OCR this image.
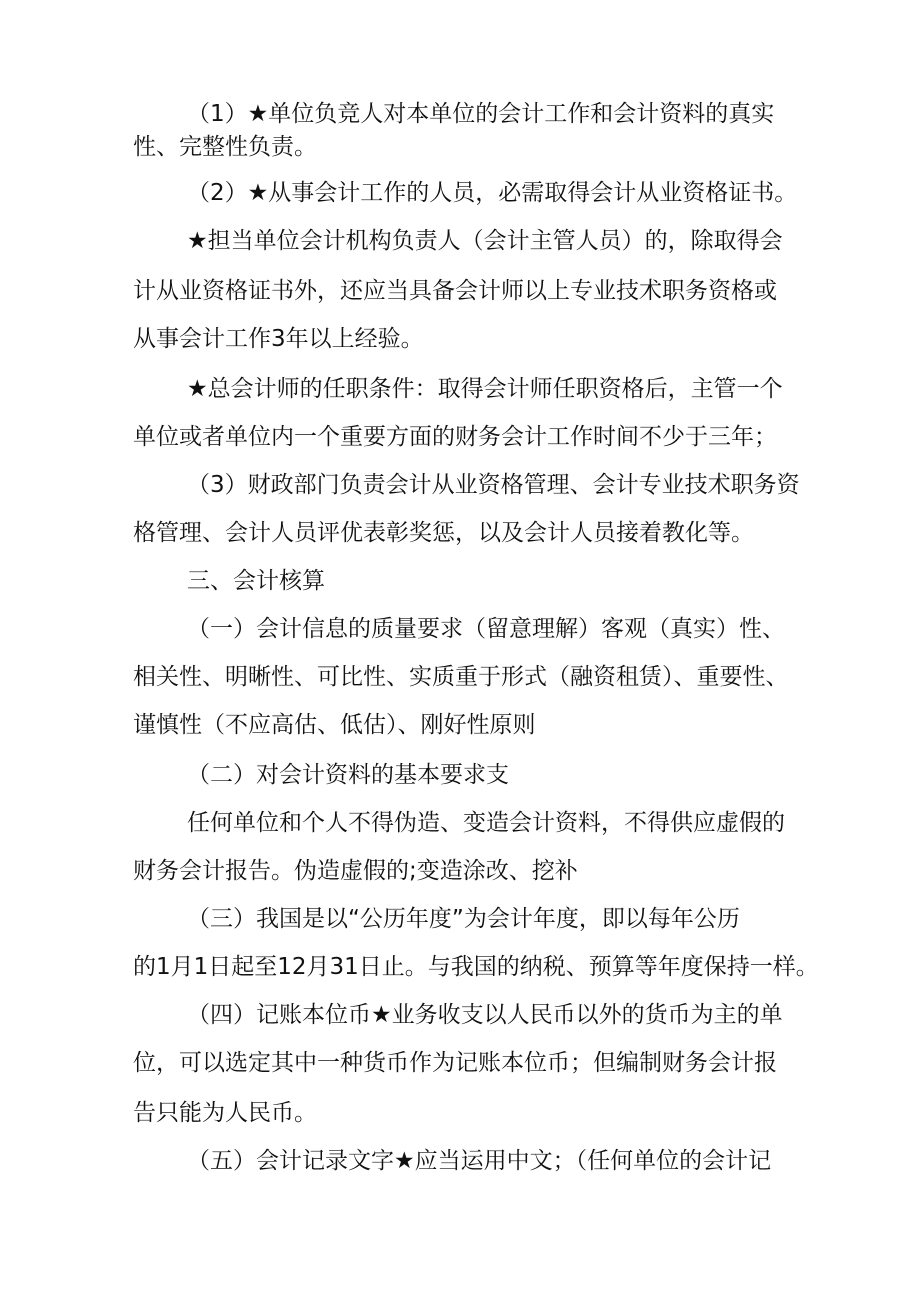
（1）★单位负竞人对本单位的会计工作和会计资料的真实
性、完整性负责。
（2）★从事会计工作的人员，必需取得会计从业资格证书。
★担当单位会计机构负责人（会计主管人员）的，除取得会
计从业资格证书外，还应当具备会计师以上专业技术职务资格或
从事会计工作3年以上经验。
★总会计师的任职条件：取得会计师任职资格后，主管一个
单位或者单位内一个重要方面的财务会计工作时间不少于三年；
（3）财政部门负责会计从业资格管理、会计专业技术职务资
格管理、会计人员评优表彰奖惩，以及会计人员接着教化等。
三、会计核算
（一）会计信息的质量要求（留意理解）客观（真实）性、
相关性、明晰性、可比性、实质重于形式（融资租赁）、重要性、
谨慎性（不应高估、低估）、刚好性原则
（二）对会计资料的基本要求支
任何单位和个人不得伪造、变造会计资料，不得供应虚假的
财务会计报告。伪造虚假的;变造涂改、挖补
（三）我国是以“公历年度”为会计年度，即以每年公历
的1月1日起至12月31日止。与我国的纳税、预算等年度保持一样。
（四）记账本位币★业务收支以人民币以外的货币为主的单
位，可以选定其中一种货币作为记账本位币；但编制财务会计报
告只能为人民币。
（五）会计记录文字★应当运用中文；（任何单位的会计记
